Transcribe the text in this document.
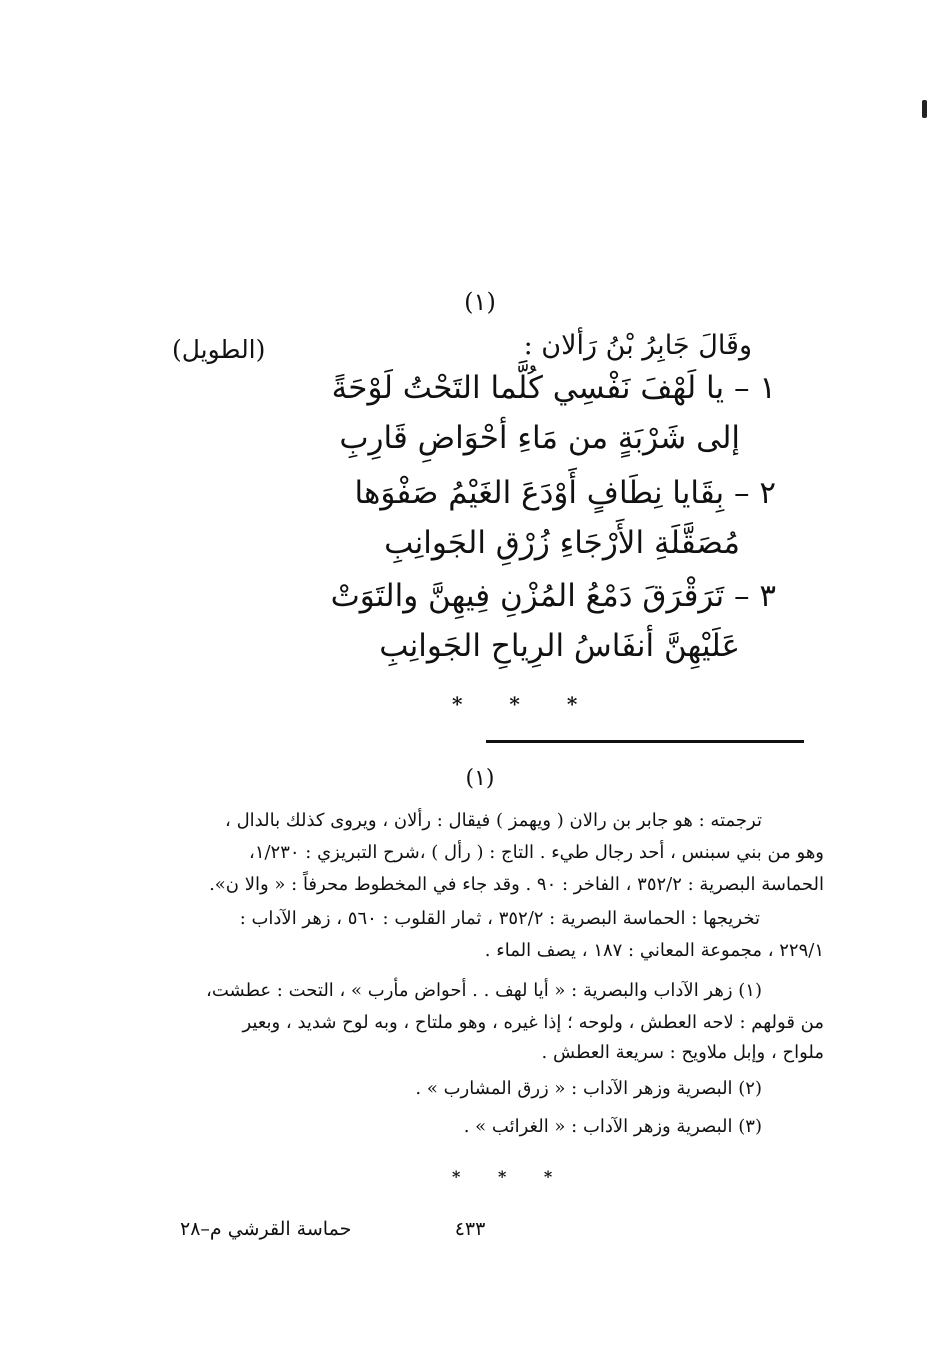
(١)
وقَالَ جَابِرُ بْنُ رَألان :
(الطويل)
١ – يا لَهْفَ نَفْسِي كُلَّما التَحْتُ لَوْحَةً
إلى شَرْبَةٍ من مَاءِ أحْوَاضِ قَارِبِ
٢ – بِقَايا نِطَافٍ أَوْدَعَ الغَيْمُ صَفْوَها
مُصَقَّلَةِ الأَرْجَاءِ زُرْقِ الجَوانِبِ
٣ – تَرَقْرَقَ دَمْعُ المُزْنِ فِيهِنَّ والتَوَتْ
عَلَيْهِنَّ أنفَاسُ الرِياحِ الجَوانِبِ
* * *
(١)
ترجمته : هو جابر بن رالان ( ويهمز ) فيقال : رألان ، ويروى كذلك بالدال ،
وهو من بني سبنس ، أحد رجال طيء . التاج : ( رأل ) ،شرح التبريزي : ١/٢٣٠،
الحماسة البصرية : ٣٥٢/٢ ، الفاخر : ٩٠ . وقد جاء في المخطوط محرفاً : « والا ن».
تخريجها : الحماسة البصرية : ٣٥٢/٢ ، ثمار القلوب : ٥٦٠ ، زهر الآداب :
٢٢٩/١ ، مجموعة المعاني : ١٨٧ ، يصف الماء .
(١) زهر الآداب والبصرية : « أيا لهف . . أحواض مأرب » ، التحت : عطشت،
من قولهم : لاحه العطش ، ولوحه ؛ إذا غيره ، وهو ملتاح ، وبه لوح شديد ، وبعير
ملواح ، وإبل ملاويح : سريعة العطش .
(٢) البصرية وزهر الآداب : « زرق المشارب » .
(٣) البصرية وزهر الآداب : « الغرائب » .
* * *
٤٣٣
حماسة القرشي م–٢٨
